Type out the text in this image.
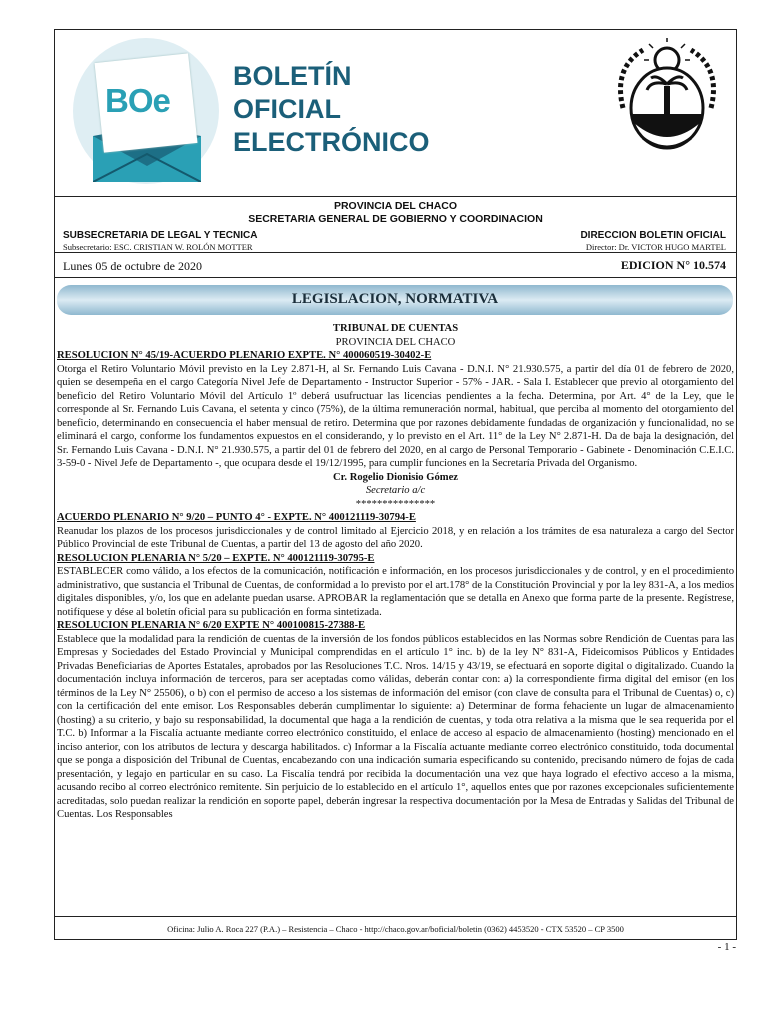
BOe
BOLETÍN
OFICIAL
ELECTRÓNICO
PROVINCIA DEL CHACO
SECRETARIA GENERAL DE GOBIERNO Y COORDINACION
SUBSECRETARIA DE LEGAL Y TECNICA
Subsecretario: ESC. CRISTIAN W. ROLÓN MOTTER
DIRECCION BOLETIN OFICIAL
Director: Dr. VICTOR HUGO MARTEL
Lunes 05 de octubre de 2020	EDICION N° 10.574
LEGISLACION, NORMATIVA

TRIBUNAL DE CUENTAS

PROVINCIA DEL CHACO

RESOLUCION N° 45/19-ACUERDO PLENARIO EXPTE. N° 400060519-30402-E

Otorga el Retiro Voluntario Móvil previsto en la Ley 2.871-H, al Sr. Fernando Luis Cavana - D.N.I. N° 21.930.575, a partir del día 01 de febrero de 2020, quien se desempeña en el cargo Categoría Nivel Jefe de Departamento - Instructor Superior - 57% - JAR. - Sala I. Establecer que previo al otorgamiento del beneficio del Retiro Voluntario Móvil del Artículo 1º deberá usufructuar las licencias pendientes a la fecha. Determina, por Art. 4° de la Ley, que le corresponde al Sr. Fernando Luis Cavana, el setenta y cinco (75%), de la última remuneración normal, habitual, que perciba al momento del otorgamiento del beneficio, determinando en consecuencia el haber mensual de retiro. Determina que por razones debidamente fundadas de organización y funcionalidad, no se eliminará el cargo, conforme los fundamentos expuestos en el considerando, y lo previsto en el Art. 11° de la Ley N° 2.871-H. Da de baja la designación, del Sr. Fernando Luis Cavana - D.N.I. N° 21.930.575, a partir del 01 de febrero del 2020, en al cargo de Personal Temporario - Gabinete - Denominación C.E.I.C. 3-59-0 - Nivel Jefe de Departamento -, que ocupara desde el 19/12/1995, para cumplir funciones en la Secretaría Privada del Organismo.

Cr. Rogelio Dionisio Gómez

Secretario a/c

***************

ACUERDO PLENARIO N° 9/20 – PUNTO 4° - EXPTE. N° 400121119-30794-E

Reanudar los plazos de los procesos jurisdiccionales y de control limitado al Ejercicio 2018, y en relación a los trámites de esa naturaleza a cargo del Sector Público Provincial de este Tribunal de Cuentas, a partir del 13 de agosto del año 2020.

RESOLUCION PLENARIA N° 5/20 – EXPTE. N° 400121119-30795-E

ESTABLECER como válido, a los efectos de la comunicación, notificación e información, en los procesos jurisdiccionales y de control, y en el procedimiento administrativo, que sustancia el Tribunal de Cuentas, de conformidad a lo previsto por el art.178° de la Constitución Provincial y por la ley 831-A, a los medios digitales disponibles, y/o, los que en adelante puedan usarse. APROBAR la reglamentación que se detalla en Anexo que forma parte de la presente. Regístrese, notifíquese y dése al boletín oficial para su publicación en forma sintetizada.

RESOLUCION PLENARIA N° 6/20 EXPTE N° 400100815-27388-E

Establece que la modalidad para la rendición de cuentas de la inversión de los fondos públicos establecidos en las Normas sobre Rendición de Cuentas para las Empresas y Sociedades del Estado Provincial y Municipal comprendidas en el artículo 1° inc. b) de la ley N° 831-A, Fideicomisos Públicos y Entidades Privadas Beneficiarias de Aportes Estatales, aprobados por las Resoluciones T.C. Nros. 14/15 y 43/19, se efectuará en soporte digital o digitalizado. Cuando la documentación incluya información de terceros, para ser aceptadas como válidas, deberán contar con: a) la correspondiente firma digital del emisor (en los términos de la Ley N° 25506), o b) con el permiso de acceso a los sistemas de información del emisor (con clave de consulta para el Tribunal de Cuentas) o, c) con la certificación del ente emisor. Los Responsables deberán cumplimentar lo siguiente: a) Determinar de forma fehaciente un lugar de almacenamiento (hosting) a su criterio, y bajo su responsabilidad, la documental que haga a la rendición de cuentas, y toda otra relativa a la misma que le sea requerida por el T.C. b) Informar a la Fiscalía actuante mediante correo electrónico constituido, el enlace de acceso al espacio de almacenamiento (hosting) mencionado en el inciso anterior, con los atributos de lectura y descarga habilitados. c) Informar a la Fiscalía actuante mediante correo electrónico constituido, toda documental que se ponga a disposición del Tribunal de Cuentas, encabezando con una indicación sumaria especificando su contenido, precisando número de fojas de cada presentación, y legajo en particular en su caso. La Fiscalía tendrá por recibida la documentación una vez que haya logrado el efectivo acceso a la misma, acusando recibo al correo electrónico remitente. Sin perjuicio de lo establecido en el artículo 1°, aquellos entes que por razones excepcionales suficientemente acreditadas, solo puedan realizar la rendición en soporte papel, deberán ingresar la respectiva documentación por la Mesa de Entradas y Salidas del Tribunal de Cuentas. Los Responsables

Oficina: Julio A. Roca 227 (P.A.) – Resistencia – Chaco - http://chaco.gov.ar/boficial/boletin (0362) 4453520 - CTX 53520 – CP 3500
- 1 -
